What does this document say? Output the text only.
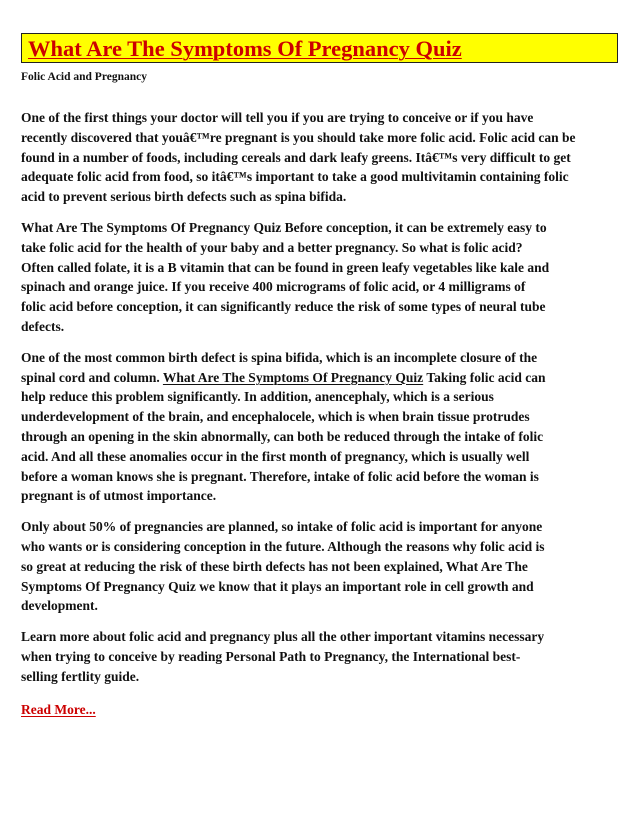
What Are The Symptoms Of Pregnancy Quiz
Folic Acid and Pregnancy

One of the first things your doctor will tell you if you are trying to conceive or if you have
recently discovered that youâ€™re pregnant is you should take more folic acid. Folic acid can be
found in a number of foods, including cereals and dark leafy greens. Itâ€™s very difficult to get
adequate folic acid from food, so itâ€™s important to take a good multivitamin containing folic
acid to prevent serious birth defects such as spina bifida.

What Are The Symptoms Of Pregnancy Quiz Before conception, it can be extremely easy to
take folic acid for the health of your baby and a better pregnancy. So what is folic acid?
Often called folate, it is a B vitamin that can be found in green leafy vegetables like kale and
spinach and orange juice. If you receive 400 micrograms of folic acid, or 4 milligrams of
folic acid before conception, it can significantly reduce the risk of some types of neural tube
defects.

One of the most common birth defect is spina bifida, which is an incomplete closure of the
spinal cord and column. What Are The Symptoms Of Pregnancy Quiz Taking folic acid can
help reduce this problem significantly. In addition, anencephaly, which is a serious
underdevelopment of the brain, and encephalocele, which is when brain tissue protrudes
through an opening in the skin abnormally, can both be reduced through the intake of folic
acid. And all these anomalies occur in the first month of pregnancy, which is usually well
before a woman knows she is pregnant. Therefore, intake of folic acid before the woman is
pregnant is of utmost importance.

Only about 50% of pregnancies are planned, so intake of folic acid is important for anyone
who wants or is considering conception in the future. Although the reasons why folic acid is
so great at reducing the risk of these birth defects has not been explained, What Are The
Symptoms Of Pregnancy Quiz we know that it plays an important role in cell growth and
development.

Learn more about folic acid and pregnancy plus all the other important vitamins necessary
when trying to conceive by reading Personal Path to Pregnancy, the International best-
selling fertlity guide.

Read More...
